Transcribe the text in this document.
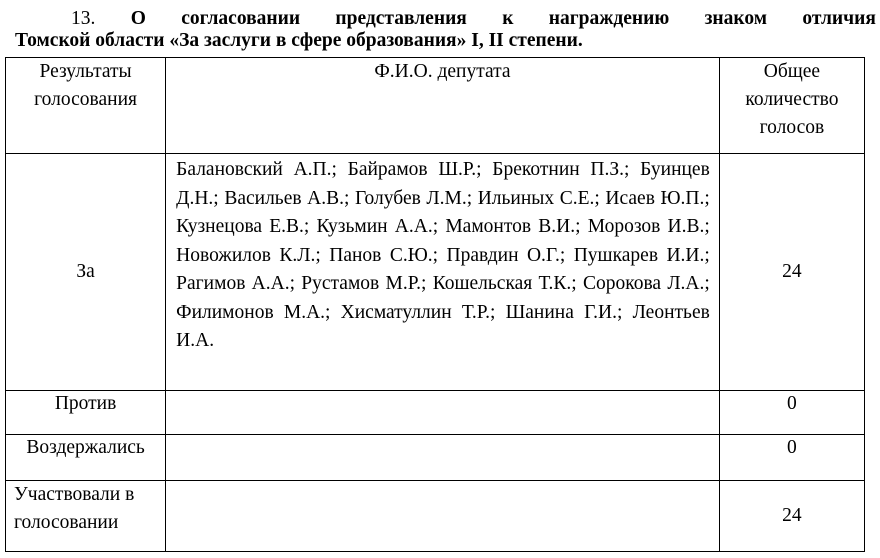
13. О согласовании представления к награждению знаком отличия
Томской области «За заслуги в сфере образования» I, II степени.
Результаты голосования	Ф.И.О. депутата	Общее количество голосов
За	Балановский А.П.; Байрамов Ш.Р.; Брекотнин П.З.; Буинцев Д.Н.; Васильев А.В.; Голубев Л.М.; Ильиных С.Е.; Исаев Ю.П.; Кузнецова Е.В.; Кузьмин А.А.; Мамонтов В.И.; Морозов И.В.; Новожилов К.Л.; Панов С.Ю.; Правдин О.Г.; Пушкарев И.И.; Рагимов А.А.; Рустамов М.Р.; Кошельская Т.К.; Сорокова Л.А.; Филимонов М.А.; Хисматуллин Т.Р.; Шанина Г.И.; Леонтьев И.А.	24
Против		0
Воздержались		0
Участвовали в голосовании		24
